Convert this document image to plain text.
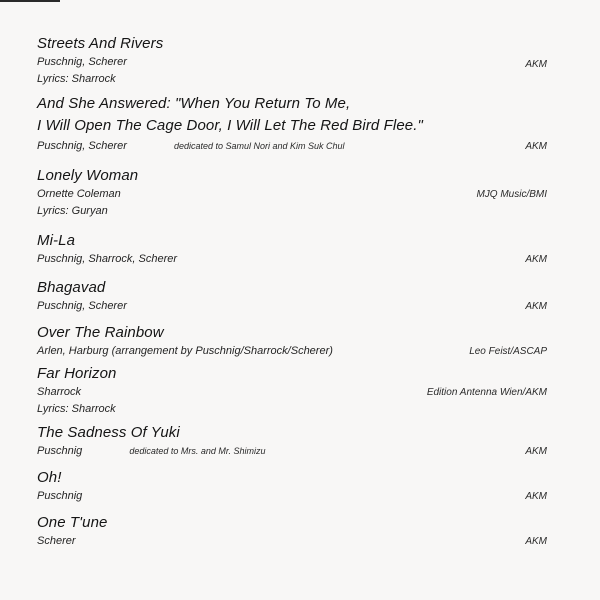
Streets And Rivers
Puschnig, Scherer	AKM
Lyrics: Sharrock
And She Answered: "When You Return To Me,
I Will Open The Cage Door, I Will Let The Red Bird Flee."
Puschnig, Scherer	dedicated to Samul Nori and Kim Suk Chul	AKM
Lonely Woman
Ornette Coleman	MJQ Music/BMI
Lyrics: Guryan
Mi-La
Puschnig, Sharrock, Scherer	AKM
Bhagavad
Puschnig, Scherer	AKM
Over The Rainbow
Arlen, Harburg (arrangement by Puschnig/Sharrock/Scherer)	Leo Feist/ASCAP
Far Horizon
Sharrock	Edition Antenna Wien/AKM
Lyrics: Sharrock
The Sadness Of Yuki
Puschnig	dedicated to Mrs. and Mr. Shimizu	AKM
Oh!
Puschnig	AKM
One T'une
Scherer	AKM
